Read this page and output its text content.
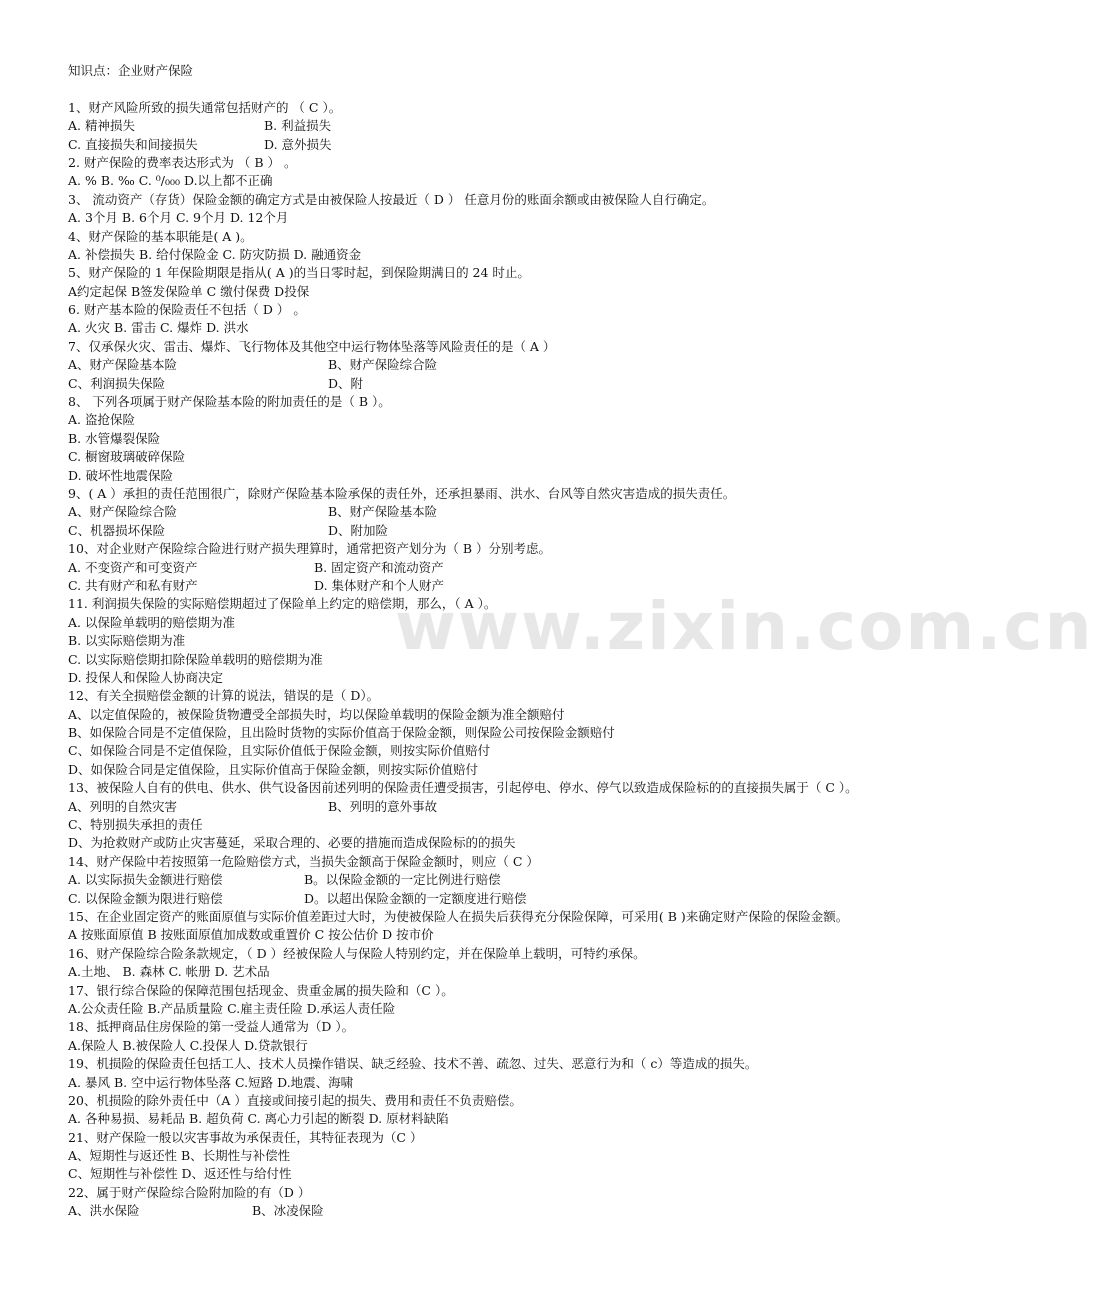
www.zixin.com.cn
知识点：企业财产保险
1、财产风险所致的损失通常包括财产的 （ C ）。
A. 精神损失	B. 利益损失
C. 直接损失和间接损失	D. 意外损失
2. 财产保险的费率表达形式为 （ B ） 。
A. % B. ‰ C. ⁰/₀₀₀ D.以上都不正确
3、 流动资产（存货）保险金额的确定方式是由被保险人按最近（ D ） 任意月份的账面余额或由被保险人自行确定。
A. 3个月 B. 6个月 C. 9个月 D. 12个月
4、财产保险的基本职能是( A )。
A. 补偿损失 B. 给付保险金 C. 防灾防损 D. 融通资金
5、财产保险的 1 年保险期限是指从( A )的当日零时起，到保险期满日的 24 时止。
A约定起保 B签发保险单 C 缴付保费 D投保
6. 财产基本险的保险责任不包括（ D ） 。
A. 火灾 B. 雷击 C. 爆炸 D. 洪水
7、仅承保火灾、雷击、爆炸、飞行物体及其他空中运行物体坠落等风险责任的是（ A ）
A、财产保险基本险	B、财产保险综合险
C、利润损失保险	D、附
8、 下列各项属于财产保险基本险的附加责任的是（ B ）。
A. 盗抢保险
B. 水管爆裂保险
C. 橱窗玻璃破碎保险
D. 破坏性地震保险
9、( A ）承担的责任范围很广，除财产保险基本险承保的责任外，还承担暴雨、洪水、台风等自然灾害造成的损失责任。
A、财产保险综合险	B、财产保险基本险
C、机器损坏保险	D、附加险
10、对企业财产保险综合险进行财产损失理算时，通常把资产划分为（ B ）分别考虑。
A. 不变资产和可变资产	B. 固定资产和流动资产
C. 共有财产和私有财产	D. 集体财产和个人财产
11. 利润损失保险的实际赔偿期超过了保险单上约定的赔偿期，那么，（ A ）。
A. 以保险单载明的赔偿期为准
B. 以实际赔偿期为准
C. 以实际赔偿期扣除保险单载明的赔偿期为准
D. 投保人和保险人协商决定
12、有关全损赔偿金额的计算的说法，错误的是（ D）。
A、以定值保险的，被保险货物遭受全部损失时，均以保险单载明的保险金额为准全额赔付
B、如保险合同是不定值保险，且出险时货物的实际价值高于保险金额，则保险公司按保险金额赔付
C、如保险合同是不定值保险，且实际价值低于保险金额，则按实际价值赔付
D、如保险合同是定值保险，且实际价值高于保险金额，则按实际价值赔付
13、被保险人自有的供电、供水、供气设备因前述列明的保险责任遭受损害，引起停电、停水、停气以致造成保险标的的直接损失属于（ C ）。
A、列明的自然灾害	B、列明的意外事故
C、特别损失承担的责任
D、为抢救财产或防止灾害蔓延，采取合理的、必要的措施而造成保险标的的损失
14、财产保险中若按照第一危险赔偿方式，当损失金额高于保险金额时，则应（ C ）
A. 以实际损失金额进行赔偿	B。以保险金额的一定比例进行赔偿
C. 以保险金额为限进行赔偿	D。以超出保险金额的一定额度进行赔偿
15、在企业固定资产的账面原值与实际价值差距过大时，为使被保险人在损失后获得充分保险保障，可采用( B )来确定财产保险的保险金额。
A 按账面原值 B 按账面原值加成数或重置价 C 按公估价 D 按市价
16、财产保险综合险条款规定，（ D ）经被保险人与保险人特别约定，并在保险单上载明，可特约承保。
A.土地、 B. 森林 C. 帐册 D. 艺术品
17、银行综合保险的保障范围包括现金、贵重金属的损失险和（C ）。
A.公众责任险 B.产品质量险 C.雇主责任险 D.承运人责任险
18、抵押商品住房保险的第一受益人通常为（D ）。
A.保险人 B.被保险人 C.投保人 D.贷款银行
19、机损险的保险责任包括工人、技术人员操作错误、缺乏经验、技术不善、疏忽、过失、恶意行为和（ c）等造成的损失。
A. 暴风 B. 空中运行物体坠落 C.短路 D.地震、海啸
20、机损险的除外责任中（A ）直接或间接引起的损失、费用和责任不负责赔偿。
A. 各种易损、易耗品 B. 超负荷 C. 离心力引起的断裂 D. 原材料缺陷
21、财产保险一般以灾害事故为承保责任，其特征表现为（C ）
A、短期性与返还性 B、长期性与补偿性
C、短期性与补偿性 D、返还性与给付性
22、属于财产保险综合险附加险的有（D ）
A、洪水保险	B、冰凌保险
